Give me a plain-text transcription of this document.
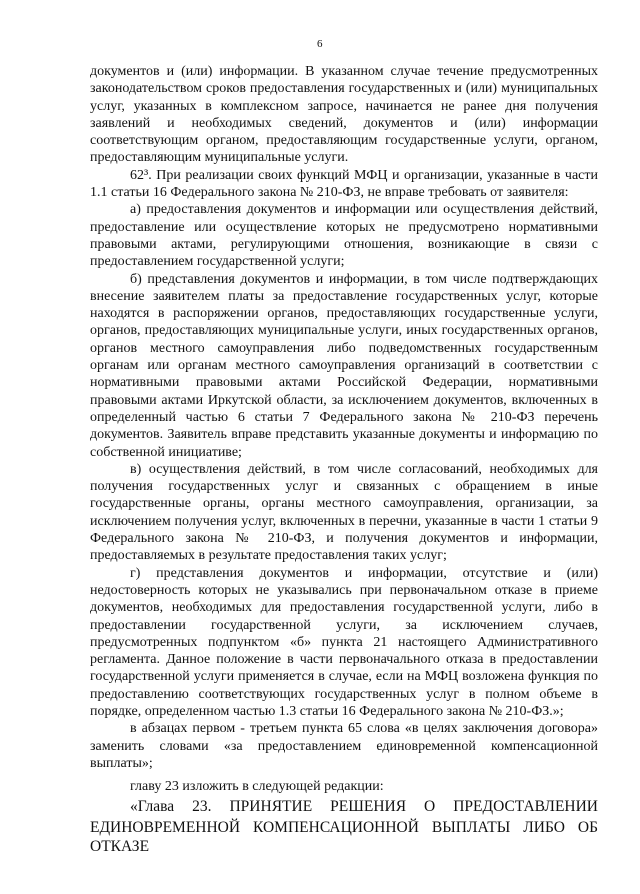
6

документов и (или) информации. В указанном случае течение предусмотренных законодательством сроков предоставления государственных и (или) муниципальных услуг, указанных в комплексном запросе, начинается не ранее дня получения заявлений и необходимых сведений, документов и (или) информации соответствующим органом, предоставляющим государственные услуги, органом, предоставляющим муниципальные услуги.

62³. При реализации своих функций МФЦ и организации, указанные в части 1.1 статьи 16 Федерального закона № 210-ФЗ, не вправе требовать от заявителя:

а) предоставления документов и информации или осуществления действий, предоставление или осуществление которых не предусмотрено нормативными правовыми актами, регулирующими отношения, возникающие в связи с предоставлением государственной услуги;

б) представления документов и информации, в том числе подтверждающих внесение заявителем платы за предоставление государственных услуг, которые находятся в распоряжении органов, предоставляющих государственные услуги, органов, предоставляющих муниципальные услуги, иных государственных органов, органов местного самоуправления либо подведомственных государственным органам или органам местного самоуправления организаций в соответствии с нормативными правовыми актами Российской Федерации, нормативными правовыми актами Иркутской области, за исключением документов, включенных в определенный частью 6 статьи 7 Федерального закона № 210-ФЗ перечень документов. Заявитель вправе представить указанные документы и информацию по собственной инициативе;

в) осуществления действий, в том числе согласований, необходимых для получения государственных услуг и связанных с обращением в иные государственные органы, органы местного самоуправления, организации, за исключением получения услуг, включенных в перечни, указанные в части 1 статьи 9 Федерального закона № 210-ФЗ, и получения документов и информации, предоставляемых в результате предоставления таких услуг;

г) представления документов и информации, отсутствие и (или) недостоверность которых не указывались при первоначальном отказе в приеме документов, необходимых для предоставления государственной услуги, либо в предоставлении государственной услуги, за исключением случаев, предусмотренных подпунктом «б» пункта 21 настоящего Административного регламента. Данное положение в части первоначального отказа в предоставлении государственной услуги применяется в случае, если на МФЦ возложена функция по предоставлению соответствующих государственных услуг в полном объеме в порядке, определенном частью 1.3 статьи 16 Федерального закона № 210-ФЗ.»;

в абзацах первом - третьем пункта 65 слова «в целях заключения договора» заменить словами «за предоставлением единовременной компенсационной выплаты»;

главу 23 изложить в следующей редакции:

«Глава 23. ПРИНЯТИЕ РЕШЕНИЯ О ПРЕДОСТАВЛЕНИИ

ЕДИНОВРЕМЕННОЙ КОМПЕНСАЦИОННОЙ ВЫПЛАТЫ ЛИБО ОБ ОТКАЗЕ
